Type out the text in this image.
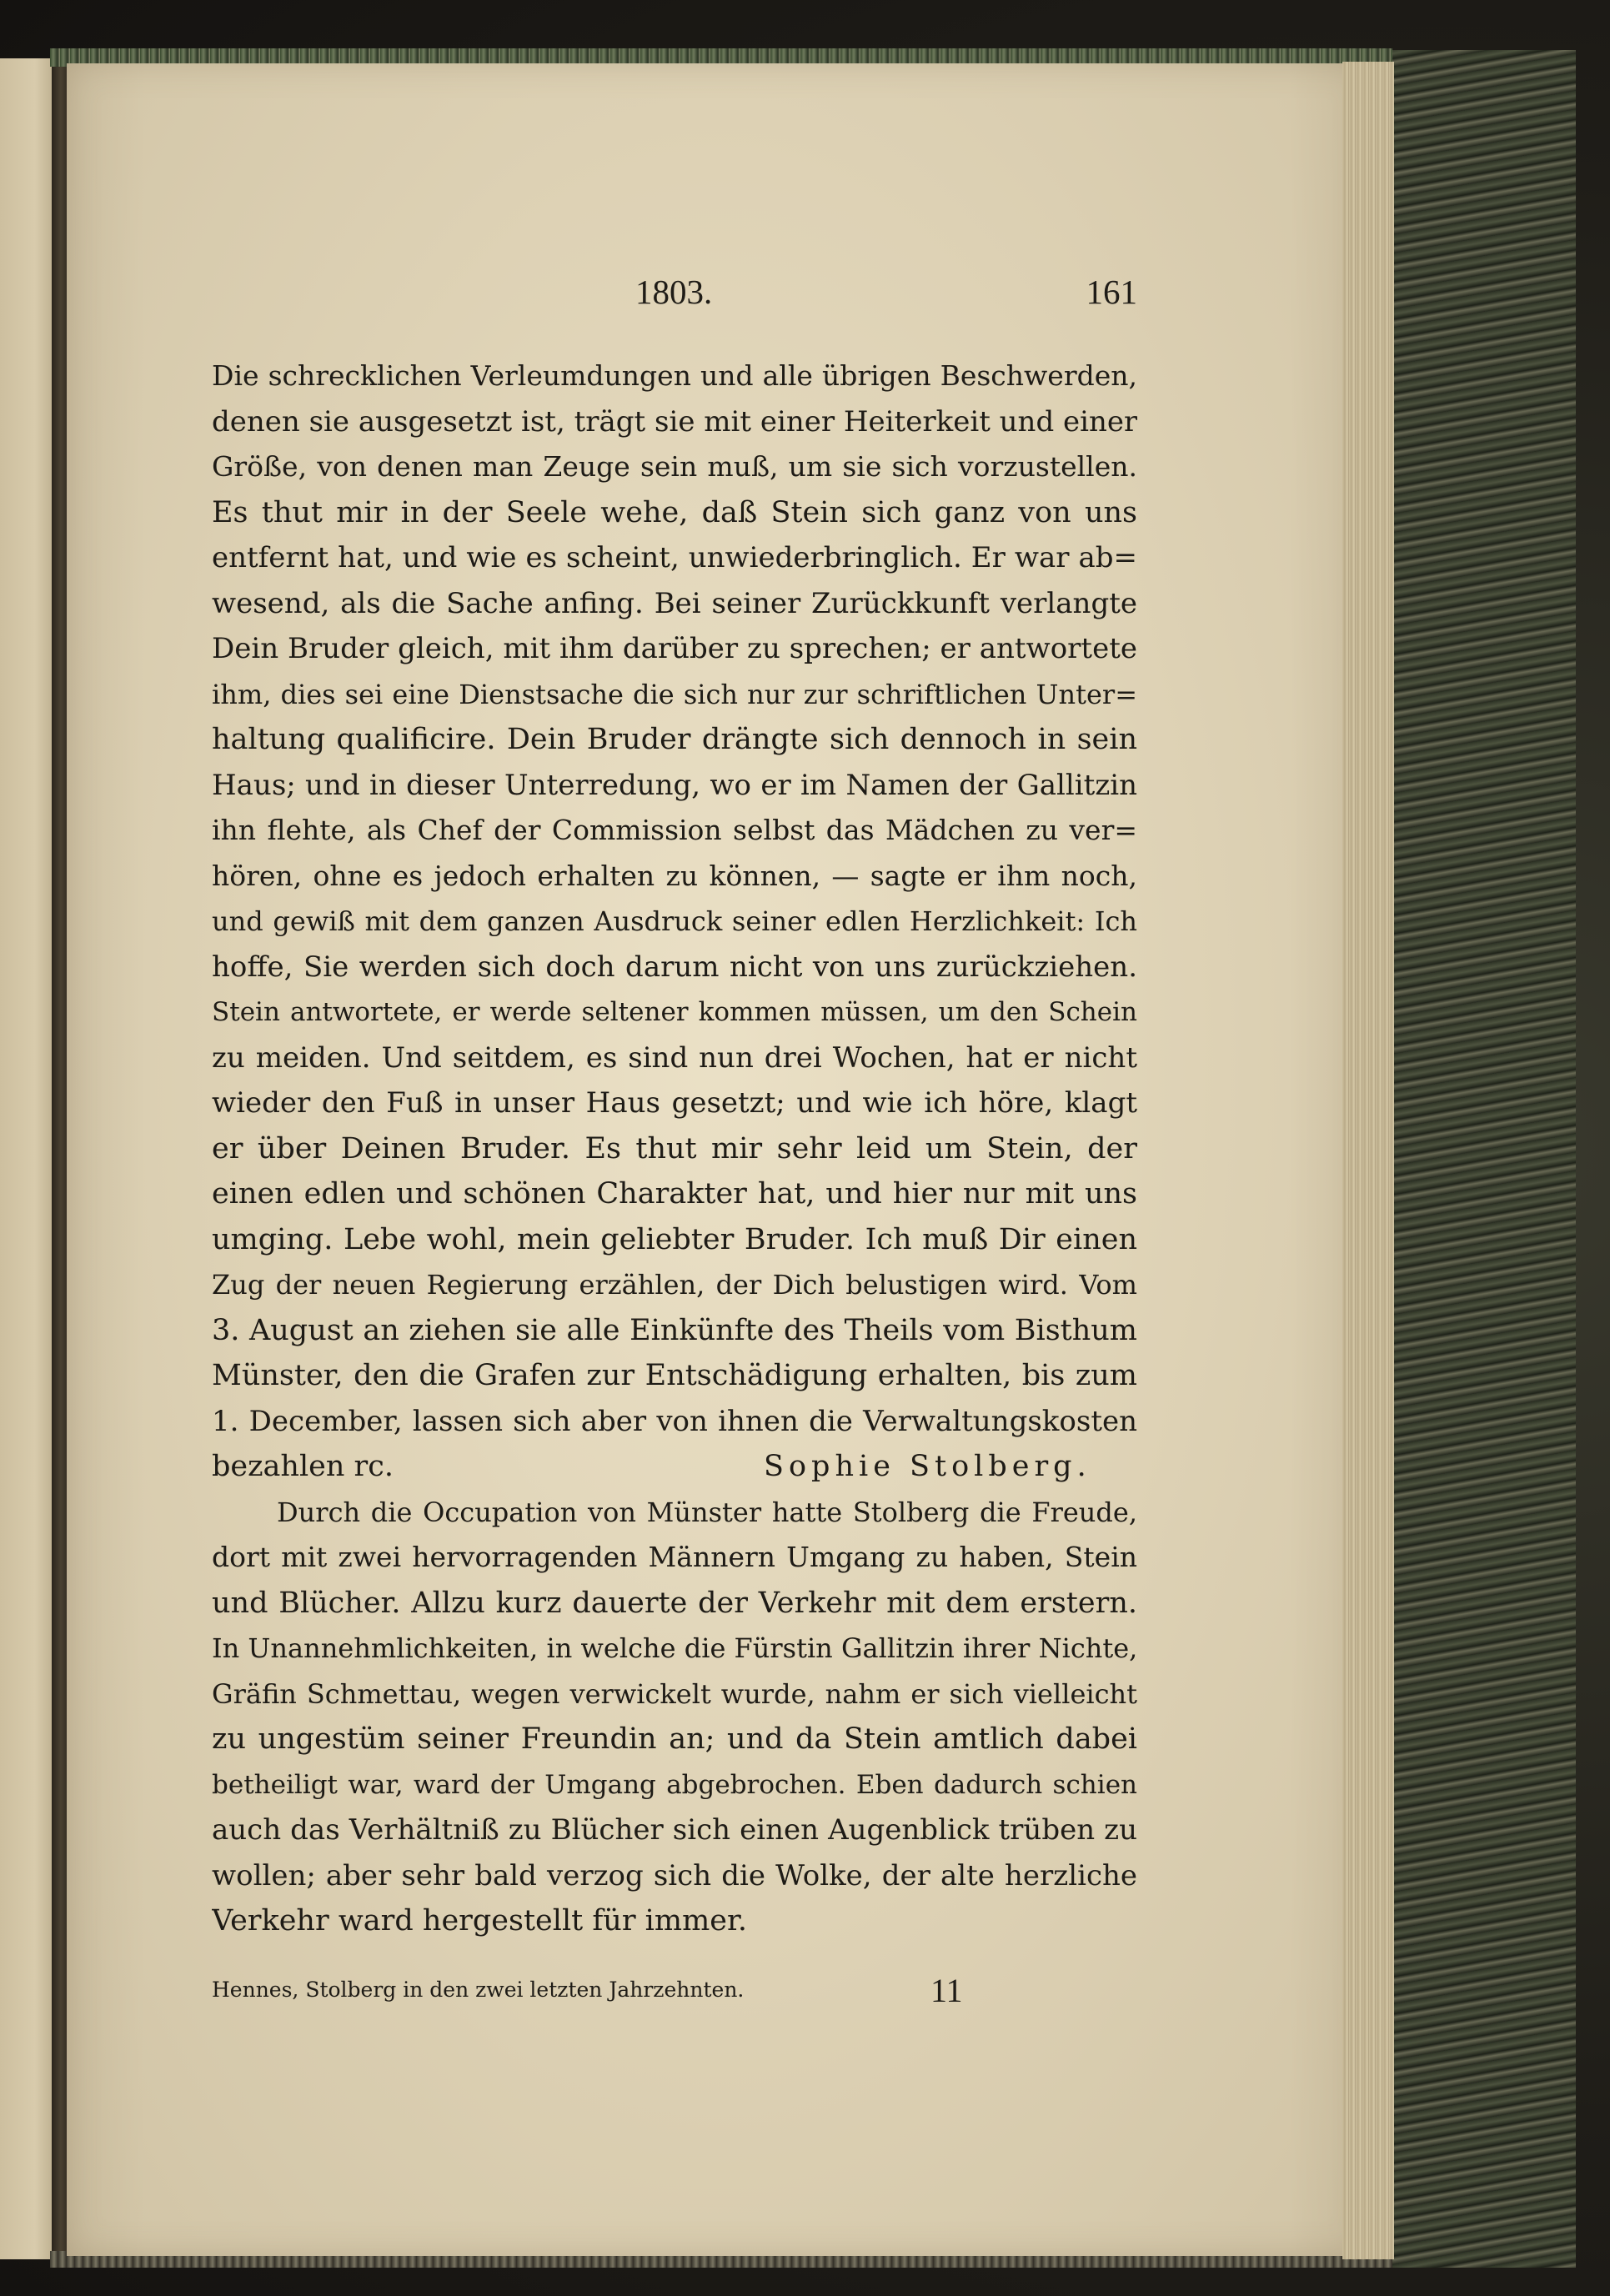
1803.	161
Die schrecklichen Verleumdungen und alle übrigen Beschwerden,
denen sie ausgesetzt ist, trägt sie mit einer Heiterkeit und einer
Größe, von denen man Zeuge sein muß, um sie sich vorzustellen.
Es thut mir in der Seele wehe, daß Stein sich ganz von uns
entfernt hat, und wie es scheint, unwiederbringlich. Er war ab=
wesend, als die Sache anfing. Bei seiner Zurückkunft verlangte
Dein Bruder gleich, mit ihm darüber zu sprechen; er antwortete
ihm, dies sei eine Dienstsache die sich nur zur schriftlichen Unter=
haltung qualificire. Dein Bruder drängte sich dennoch in sein
Haus; und in dieser Unterredung, wo er im Namen der Gallitzin
ihn flehte, als Chef der Commission selbst das Mädchen zu ver=
hören, ohne es jedoch erhalten zu können, — sagte er ihm noch,
und gewiß mit dem ganzen Ausdruck seiner edlen Herzlichkeit: Ich
hoffe, Sie werden sich doch darum nicht von uns zurückziehen.
Stein antwortete, er werde seltener kommen müssen, um den Schein
zu meiden. Und seitdem, es sind nun drei Wochen, hat er nicht
wieder den Fuß in unser Haus gesetzt; und wie ich höre, klagt
er über Deinen Bruder. Es thut mir sehr leid um Stein, der
einen edlen und schönen Charakter hat, und hier nur mit uns
umging. Lebe wohl, mein geliebter Bruder. Ich muß Dir einen
Zug der neuen Regierung erzählen, der Dich belustigen wird. Vom
3. August an ziehen sie alle Einkünfte des Theils vom Bisthum
Münster, den die Grafen zur Entschädigung erhalten, bis zum
1. December, lassen sich aber von ihnen die Verwaltungskosten
bezahlen rc.	Sophie Stolberg.
Durch die Occupation von Münster hatte Stolberg die Freude,
dort mit zwei hervorragenden Männern Umgang zu haben, Stein
und Blücher. Allzu kurz dauerte der Verkehr mit dem erstern.
In Unannehmlichkeiten, in welche die Fürstin Gallitzin ihrer Nichte,
Gräfin Schmettau, wegen verwickelt wurde, nahm er sich vielleicht
zu ungestüm seiner Freundin an; und da Stein amtlich dabei
betheiligt war, ward der Umgang abgebrochen. Eben dadurch schien
auch das Verhältniß zu Blücher sich einen Augenblick trüben zu
wollen; aber sehr bald verzog sich die Wolke, der alte herzliche
Verkehr ward hergestellt für immer.
Hennes, Stolberg in den zwei letzten Jahrzehnten.	11
